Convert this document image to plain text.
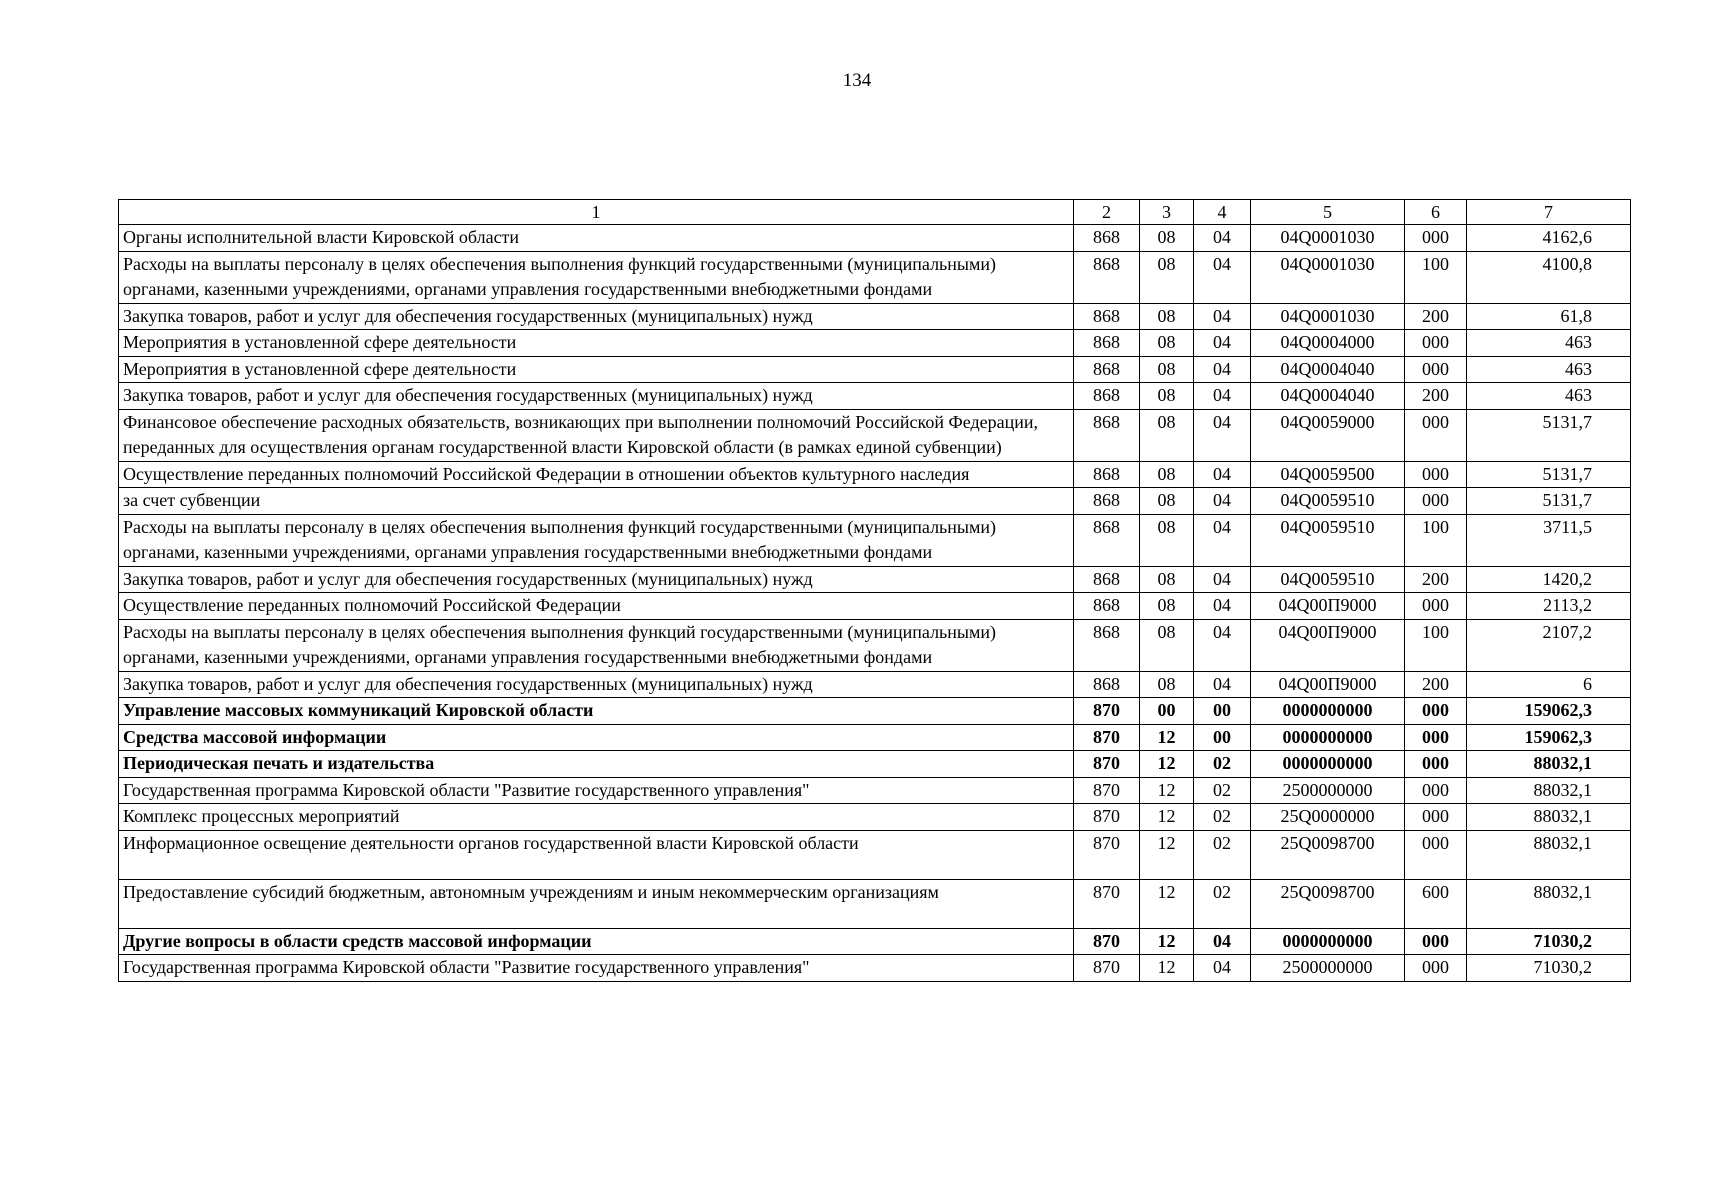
134
1	2	3	4	5	6	7
Органы исполнительной власти Кировской области	868	08	04	04Q0001030	000	4162,6
Расходы на выплаты персоналу в целях обеспечения выполнения функций государственными (муниципальными) органами, казенными учреждениями, органами управления государственными внебюджетными фондами	868	08	04	04Q0001030	100	4100,8
Закупка товаров, работ и услуг для обеспечения государственных (муниципальных) нужд	868	08	04	04Q0001030	200	61,8
Мероприятия в установленной сфере деятельности	868	08	04	04Q0004000	000	463
Мероприятия в установленной сфере деятельности	868	08	04	04Q0004040	000	463
Закупка товаров, работ и услуг для обеспечения государственных (муниципальных) нужд	868	08	04	04Q0004040	200	463
Финансовое обеспечение расходных обязательств, возникающих при выполнении полномочий Российской Федерации, переданных для осуществления органам государственной власти Кировской области (в рамках единой субвенции)	868	08	04	04Q0059000	000	5131,7
Осуществление переданных полномочий Российской Федерации в отношении объектов культурного наследия	868	08	04	04Q0059500	000	5131,7
за счет субвенции	868	08	04	04Q0059510	000	5131,7
Расходы на выплаты персоналу в целях обеспечения выполнения функций государственными (муниципальными) органами, казенными учреждениями, органами управления государственными внебюджетными фондами	868	08	04	04Q0059510	100	3711,5
Закупка товаров, работ и услуг для обеспечения государственных (муниципальных) нужд	868	08	04	04Q0059510	200	1420,2
Осуществление переданных полномочий Российской Федерации	868	08	04	04Q00П9000	000	2113,2
Расходы на выплаты персоналу в целях обеспечения выполнения функций государственными (муниципальными) органами, казенными учреждениями, органами управления государственными внебюджетными фондами	868	08	04	04Q00П9000	100	2107,2
Закупка товаров, работ и услуг для обеспечения государственных (муниципальных) нужд	868	08	04	04Q00П9000	200	6
Управление массовых коммуникаций Кировской области	870	00	00	0000000000	000	159062,3
Средства массовой информации	870	12	00	0000000000	000	159062,3
Периодическая печать и издательства	870	12	02	0000000000	000	88032,1
Государственная программа Кировской области "Развитие государственного управления"	870	12	02	2500000000	000	88032,1
Комплекс процессных мероприятий	870	12	02	25Q0000000	000	88032,1
Информационное освещение деятельности органов государственной власти Кировской области	870	12	02	25Q0098700	000	88032,1
Предоставление субсидий бюджетным, автономным учреждениям и иным некоммерческим организациям	870	12	02	25Q0098700	600	88032,1
Другие вопросы в области средств массовой информации	870	12	04	0000000000	000	71030,2
Государственная программа Кировской области "Развитие государственного управления"	870	12	04	2500000000	000	71030,2
